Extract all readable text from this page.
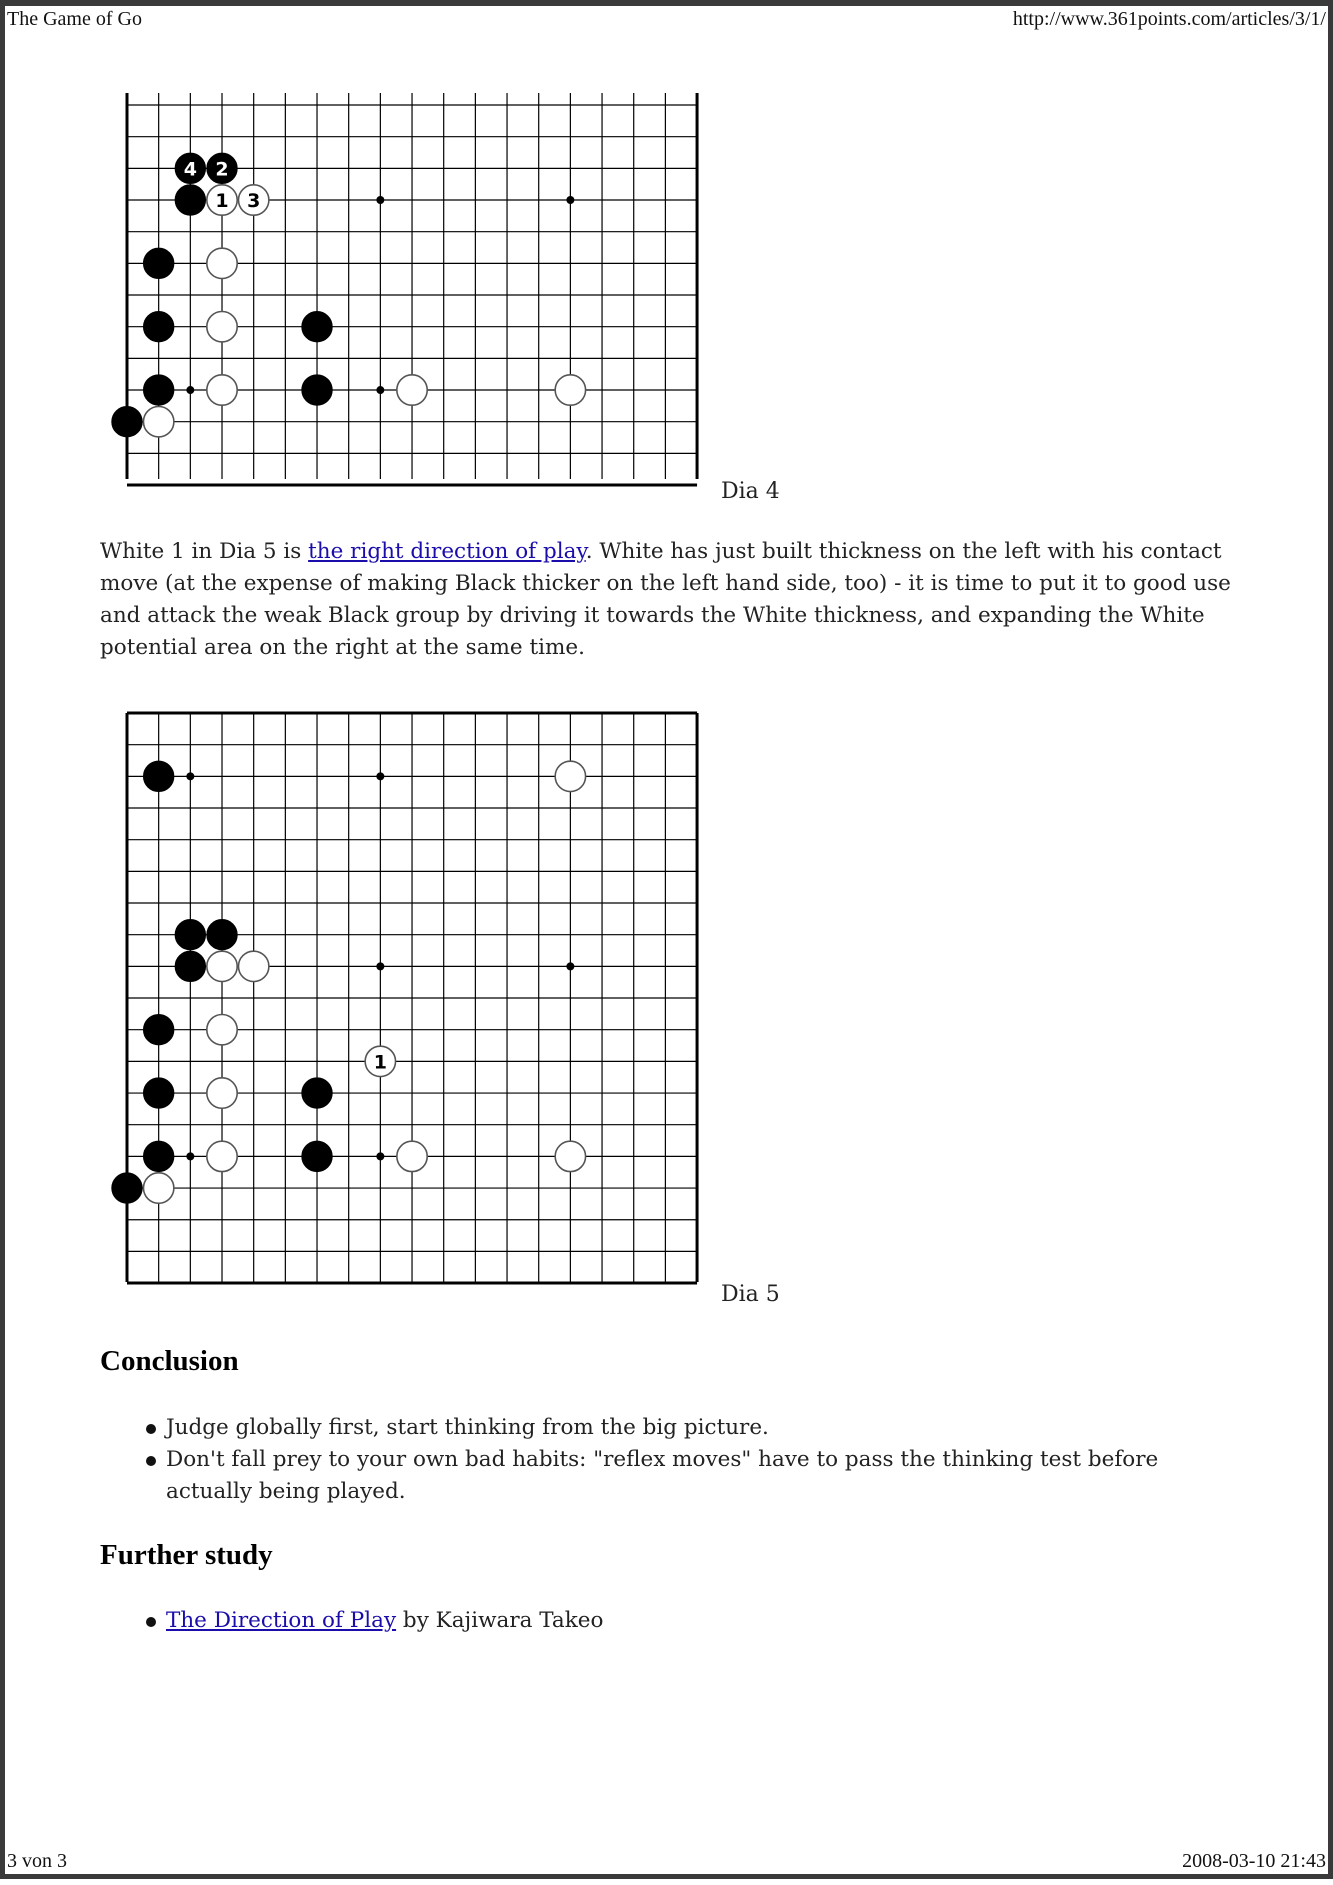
The Game of Go	http://www.361points.com/articles/3/1/
4 2
1 3
1
Dia 4

White 1 in Dia 5 is the right direction of play. White has just built thickness on the left with his contact move (at the expense of making Black thicker on the left hand side, too) - it is time to put it to good use and attack the weak Black group by driving it towards the White thickness, and expanding the White potential area on the right at the same time.

Dia 5
Conclusion
Judge globally first, start thinking from the big picture.
Don't fall prey to your own bad habits: "reflex moves" have to pass the thinking test before actually being played.
Further study
The Direction of Play by Kajiwara Takeo
3 von 3	2008-03-10 21:43
